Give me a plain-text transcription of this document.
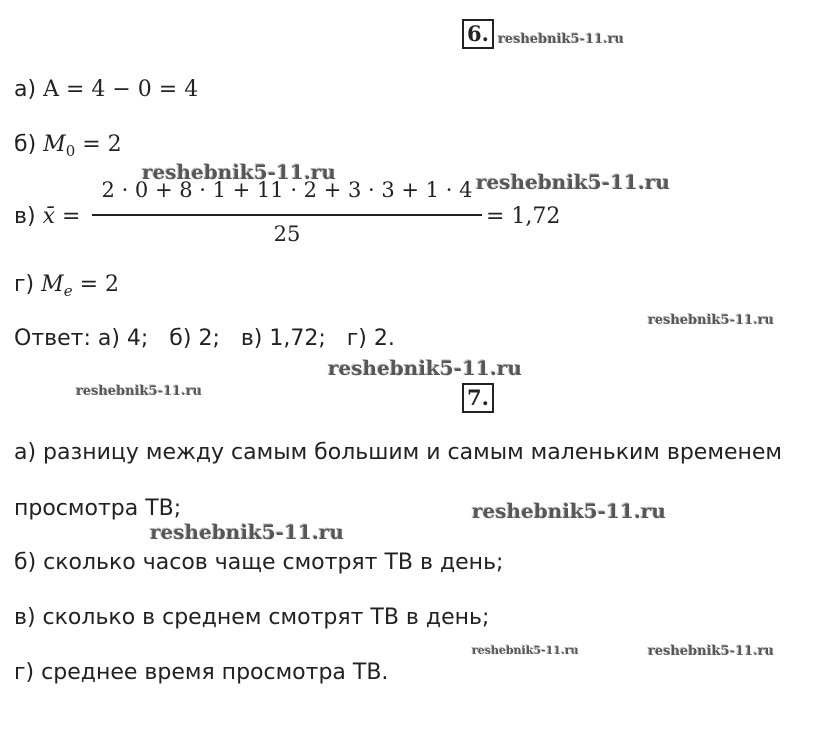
6. reshebnik5-11.ru
а) A = 4 − 0 = 4
б) $M_0 = 2$
reshebnik5-11.ru	reshebnik5-11.ru
в) x̄ =
2 · 0 + 8 · 1 + 11 · 2 + 3 · 3 + 1 · 4
25
= 1,72
г) $M_e = 2$
Ответ: а) 4;   б) 2;   в) 1,72;   г) 2.
reshebnik5-11.ru
reshebnik5-11.ru
reshebnik5-11.ru	7.
а) разницу между самым большим и самым маленьким временем
просмотра ТВ;	reshebnik5-11.ru
reshebnik5-11.ru
б) сколько часов чаще смотрят ТВ в день;
в) сколько в среднем смотрят ТВ в день;
reshebnik5-11.ru	reshebnik5-11.ru
г) среднее время просмотра ТВ.
